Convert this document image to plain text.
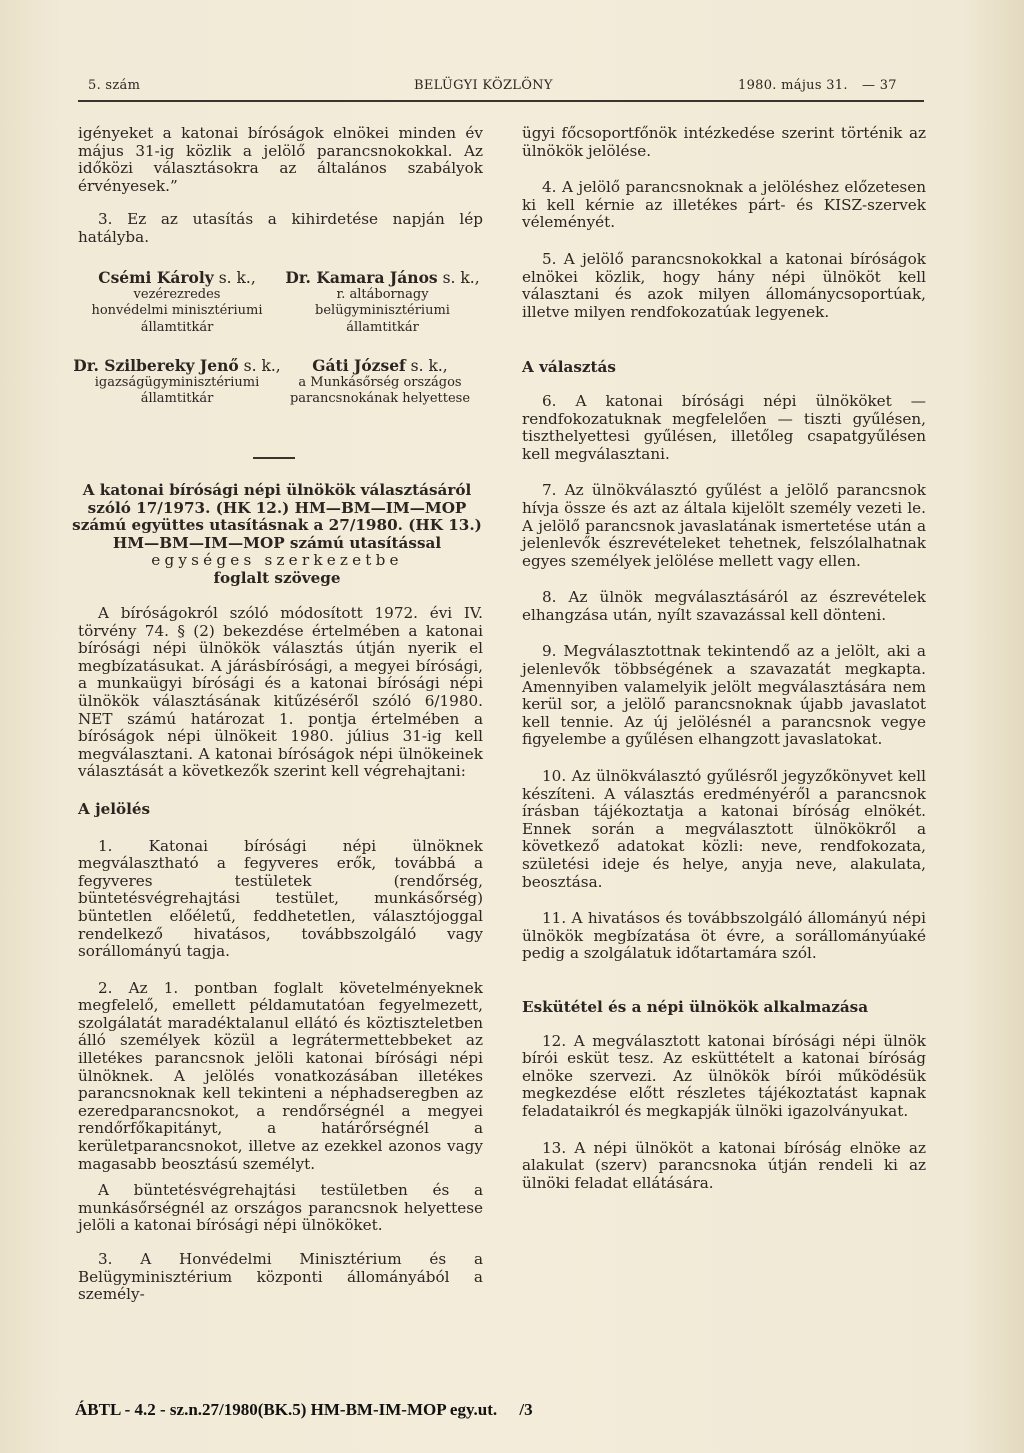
5. szám	BELÜGYI KÖZLÖNY	1980. május 31. — 37

igényeket a katonai bíróságok elnökei minden év május 31-ig közlik a jelölő parancsnokokkal. Az időközi választásokra az általános szabályok érvényesek.”

3. Ez az utasítás a kihirdetése napján lép hatályba.

Csémi Károly s. k.,
vezérezredes
honvédelmi minisztériumi
államtitkár
Dr. Kamara János s. k.,
r. altábornagy
belügyminisztériumi
államtitkár
Dr. Szilbereky Jenő s. k.,
igazságügyminisztériumi
államtitkár
Gáti József s. k.,
a Munkásőrség országos
parancsnokának helyettese
A katonai bírósági népi ülnökök választásáról
szóló 17/1973. (HK 12.) HM—BM—IM—MOP
számú együttes utasításnak a 27/1980. (HK 13.)
HM—BM—IM—MOP számú utasítással
egységes szerkezetbe
foglalt szövege

A bíróságokról szóló módosított 1972. évi IV. törvény 74. § (2) bekezdése értelmében a katonai bírósági népi ülnökök választás útján nyerik el megbízatásukat. A járásbírósági, a megyei bírósági, a munkaügyi bírósági és a katonai bírósági népi ülnökök választásának kitűzéséről szóló 6/1980. NET számú határozat 1. pontja értelmében a bíróságok népi ülnökeit 1980. július 31-ig kell megválasztani. A katonai bíróságok népi ülnökeinek választását a következők szerint kell végrehajtani:

A jelölés

1. Katonai bírósági népi ülnöknek megválasztható a fegyveres erők, továbbá a fegyveres testületek (rendőrség, büntetésvégrehajtási testület, munkásőrség) büntetlen előéletű, feddhetetlen, választójoggal rendelkező hivatásos, továbbszolgáló vagy sorállományú tagja.

2. Az 1. pontban foglalt követelményeknek megfelelő, emellett példamutatóan fegyelmezett, szolgálatát maradéktalanul ellátó és köztiszteletben álló személyek közül a legrátermettebbeket az illetékes parancsnok jelöli katonai bírósági népi ülnöknek. A jelölés vonatkozásában illetékes parancsnoknak kell tekinteni a néphadseregben az ezeredparancsnokot, a rendőrségnél a megyei rendőrfőkapitányt, a határőrségnél a kerületparancsnokot, illetve az ezekkel azonos vagy magasabb beosztású személyt.

A büntetésvégrehajtási testületben és a munkásőrségnél az országos parancsnok helyettese jelöli a katonai bírósági népi ülnököket.

3. A Honvédelmi Minisztérium és a Belügyminisztérium központi állományából a személy-

ügyi főcsoportfőnök intézkedése szerint történik az ülnökök jelölése.

4. A jelölő parancsnoknak a jelöléshez előzetesen ki kell kérnie az illetékes párt- és KISZ-szervek véleményét.

5. A jelölő parancsnokokkal a katonai bíróságok elnökei közlik, hogy hány népi ülnököt kell választani és azok milyen állománycsoportúak, illetve milyen rendfokozatúak legyenek.

A választás

6. A katonai bírósági népi ülnököket — rendfokozatuknak megfelelően — tiszti gyűlésen, tiszthelyettesi gyűlésen, illetőleg csapatgyűlésen kell megválasztani.

7. Az ülnökválasztó gyűlést a jelölő parancsnok hívja össze és azt az általa kijelölt személy vezeti le. A jelölő parancsnok javaslatának ismertetése után a jelenlevők észrevételeket tehetnek, felszólalhatnak egyes személyek jelölése mellett vagy ellen.

8. Az ülnök megválasztásáról az észrevételek elhangzása után, nyílt szavazással kell dönteni.

9. Megválasztottnak tekintendő az a jelölt, aki a jelenlevők többségének a szavazatát megkapta. Amennyiben valamelyik jelölt megválasztására nem kerül sor, a jelölő parancsnoknak újabb javaslatot kell tennie. Az új jelölésnél a parancsnok vegye figyelembe a gyűlésen elhangzott javaslatokat.

10. Az ülnökválasztó gyűlésről jegyzőkönyvet kell készíteni. A választás eredményéről a parancsnok írásban tájékoztatja a katonai bíróság elnökét. Ennek során a megválasztott ülnökökről a következő adatokat közli: neve, rendfokozata, születési ideje és helye, anyja neve, alakulata, beosztása.

11. A hivatásos és továbbszolgáló állományú népi ülnökök megbízatása öt évre, a sorállományúaké pedig a szolgálatuk időtartamára szól.

Eskütétel és a népi ülnökök alkalmazása

12. A megválasztott katonai bírósági népi ülnök bírói esküt tesz. Az esküttételt a katonai bíróság elnöke szervezi. Az ülnökök bírói működésük megkezdése előtt részletes tájékoztatást kapnak feladataikról és megkapják ülnöki igazolványukat.

13. A népi ülnököt a katonai bíróság elnöke az alakulat (szerv) parancsnoka útján rendeli ki az ülnöki feladat ellátására.

ÁBTL - 4.2 - sz.n.27/1980(BK.5) HM-BM-IM-MOP egy.ut. /3
